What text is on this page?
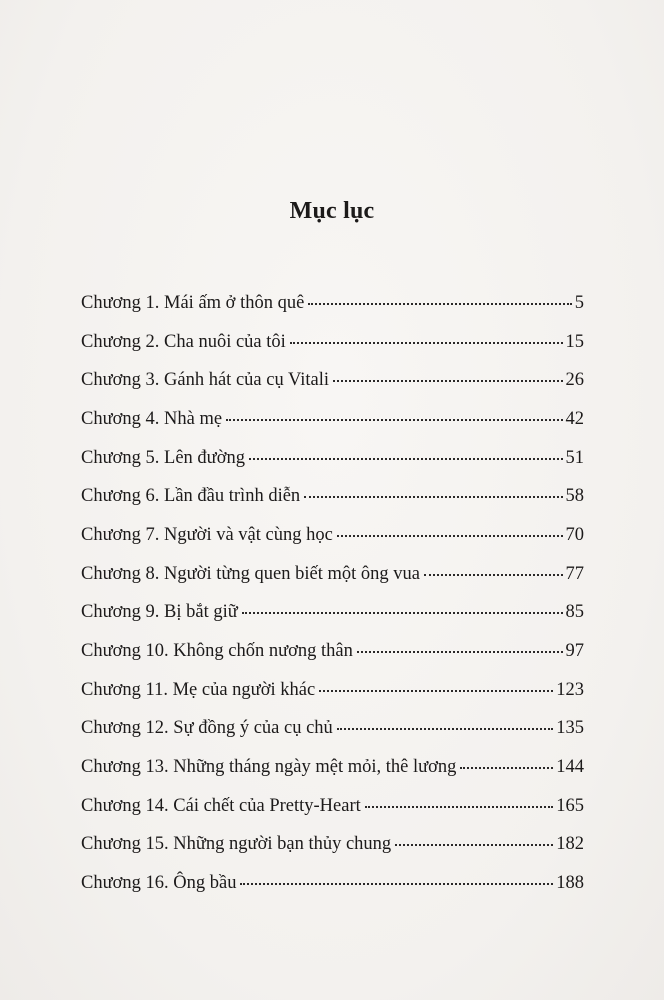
Mục lục
Chương 1. Mái ấm ở thôn quê	5
Chương 2. Cha nuôi của tôi	15
Chương 3. Gánh hát của cụ Vitali	26
Chương 4. Nhà mẹ	42
Chương 5. Lên đường	51
Chương 6. Lần đầu trình diễn	58
Chương 7. Người và vật cùng học	70
Chương 8. Người từng quen biết một ông vua	77
Chương 9. Bị bắt giữ	85
Chương 10. Không chốn nương thân	97
Chương 11. Mẹ của người khác	123
Chương 12. Sự đồng ý của cụ chủ	135
Chương 13. Những tháng ngày mệt mỏi, thê lương	144
Chương 14. Cái chết của Pretty-Heart	165
Chương 15. Những người bạn thủy chung	182
Chương 16. Ông bầu	188
